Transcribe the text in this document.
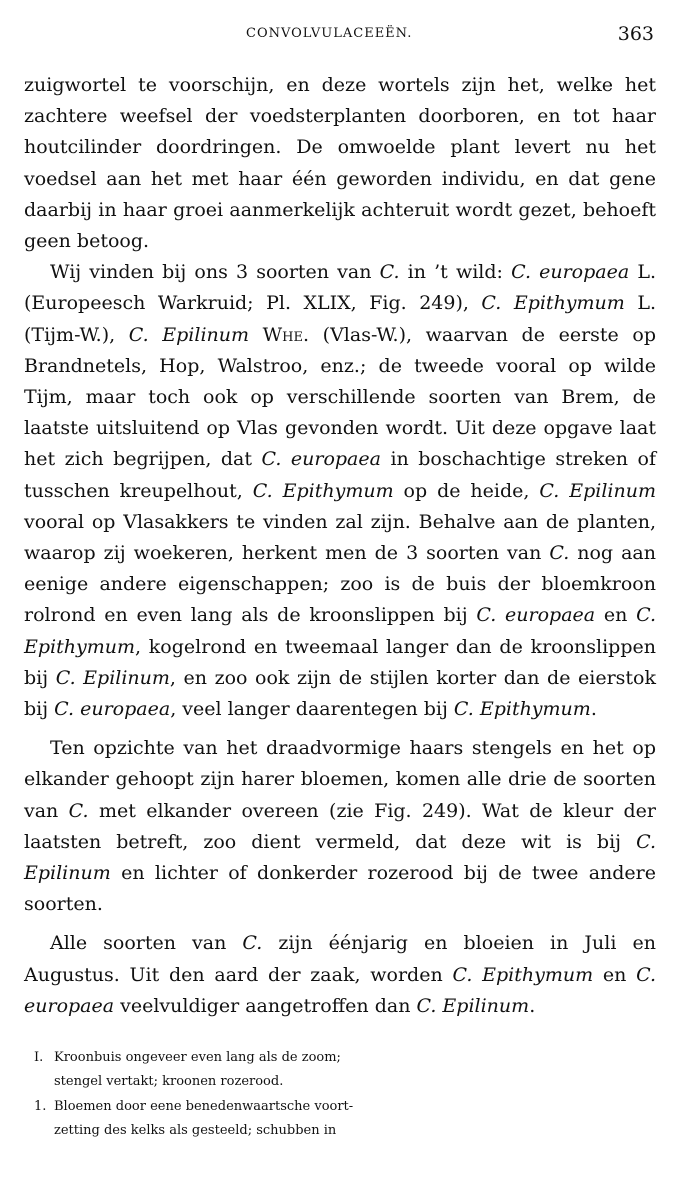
CONVOLVULACEEËN.	363

zuigwortel te voorschijn, en deze wortels zijn het, welke het zachtere weefsel der voedsterplanten doorboren, en tot haar houtcilinder doordringen. De omwoelde plant levert nu het voedsel aan het met haar één geworden individu, en dat gene daarbij in haar groei aanmerkelijk achteruit wordt gezet, behoeft geen betoog.

Wij vinden bij ons 3 soorten van C. in ’t wild: C. europaea L. (Europeesch Warkruid; Pl. XLIX, Fig. 249), C. Epithymum L. (Tijm-W.), C. Epilinum Whe. (Vlas-W.), waarvan de eerste op Brandnetels, Hop, Walstroo, enz.; de tweede vooral op wilde Tijm, maar toch ook op verschillende soorten van Brem, de laatste uitsluitend op Vlas gevonden wordt. Uit deze opgave laat het zich begrijpen, dat C. europaea in boschachtige streken of tusschen kreupelhout, C. Epithymum op de heide, C. Epilinum vooral op Vlasakkers te vinden zal zijn. Behalve aan de planten, waarop zij woekeren, herkent men de 3 soorten van C. nog aan eenige andere eigenschappen; zoo is de buis der bloemkroon rolrond en even lang als de kroonslippen bij C. europaea en C. Epithymum, kogelrond en tweemaal langer dan de kroonslippen bij C. Epilinum, en zoo ook zijn de stijlen korter dan de eierstok bij C. europaea, veel langer daarentegen bij C. Epithymum.

Ten opzichte van het draadvormige haars stengels en het op elkander gehoopt zijn harer bloemen, komen alle drie de soorten van C. met elkander overeen (zie Fig. 249). Wat de kleur der laatsten betreft, zoo dient vermeld, dat deze wit is bij C. Epilinum en lichter of donkerder rozerood bij de twee andere soorten.

Alle soorten van C. zijn éénjarig en bloeien in Juli en Augustus. Uit den aard der zaak, worden C. Epithymum en C. europaea veelvuldiger aangetroffen dan C. Epilinum.

I. Kroonbuis ongeveer even lang als de zoom;
stengel vertakt; kroonen rozerood.
1. Bloemen door eene benedenwaartsche voort-
zetting des kelks als gesteeld; schubben in
